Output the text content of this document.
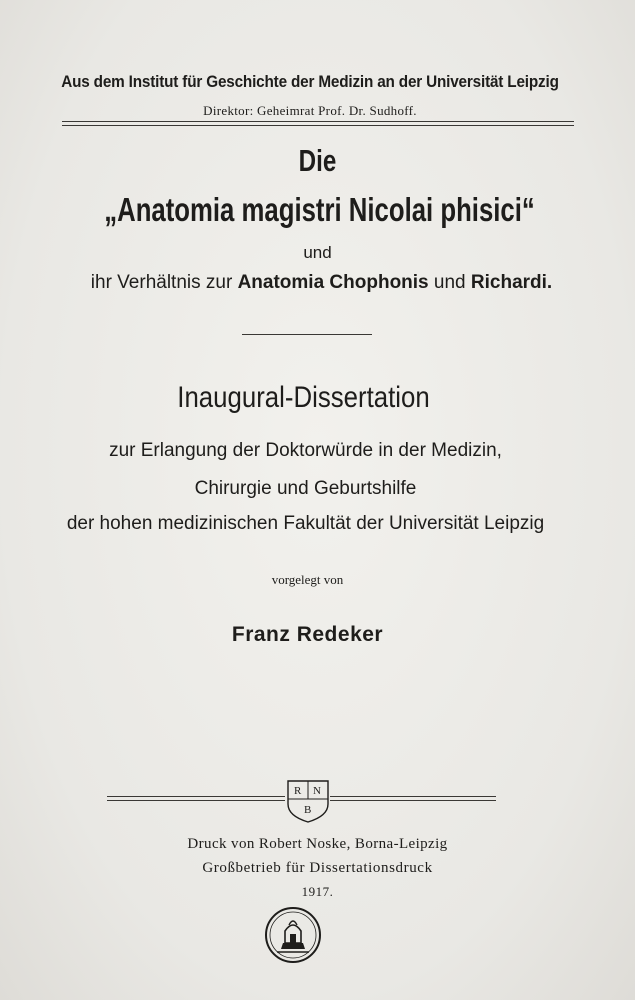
Aus dem Institut für Geschichte der Medizin an der Universität Leipzig
Direktor: Geheimrat Prof. Dr. Sudhoff.
Die
„Anatomia magistri Nicolai phisici“
und
ihr Verhältnis zur Anatomia Chophonis und Richardi.
Inaugural-Dissertation
zur Erlangung der Doktorwürde in der Medizin,
Chirurgie und Geburtshilfe
der hohen medizinischen Fakultät der Universität Leipzig
vorgelegt von
Franz Redeker
R N
B
Druck von Robert Noske, Borna-Leipzig
Großbetrieb für Dissertationsdruck
1917.
